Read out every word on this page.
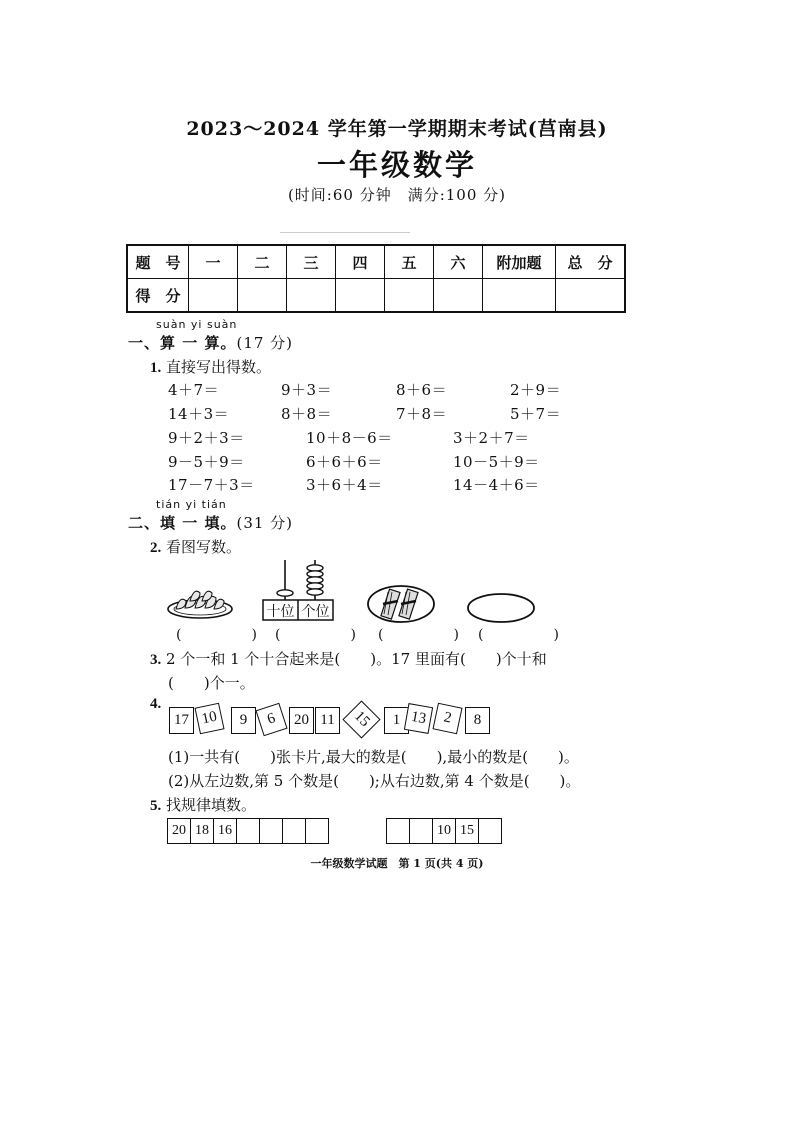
2023～2024 学年第一学期期末考试(莒南县)
一年级数学
(时间:60 分钟　满分:100 分)
题　号	一	二	三	四	五	六	附加题	总　分
得　分								
suàn yi suàn
一、算 一 算。(17 分)
1. 直接写出得数。
4＋7＝	9＋3＝	8＋6＝	2＋9＝
14＋3＝	8＋8＝	7＋8＝	5＋7＝
9＋2＋3＝	10＋8－6＝	3＋2＋7＝
9－5＋9＝	6＋6＋6＝	10－5＋9＝
17－7＋3＝	3＋6＋4＝	14－4＋6＝
tián yi tián
二、填 一 填。(31 分)
2. 看图写数。
十位 个位
(　　) (　　) (　　) (　　)
3. 2 个一和 1 个十合起来是(　　)。17 里面有(　　)个十和
(　　)个一。
4.
17 10	9	6	20 11	15	1 13 2	8
(1)一共有(　　)张卡片,最大的数是(　　),最小的数是(　　)。
(2)从左边数,第 5 个数是(　　);从右边数,第 4 个数是(　　)。
5. 找规律填数。
20	18	16				
			10	15	
一年级数学试题　第 1 页(共 4 页)
